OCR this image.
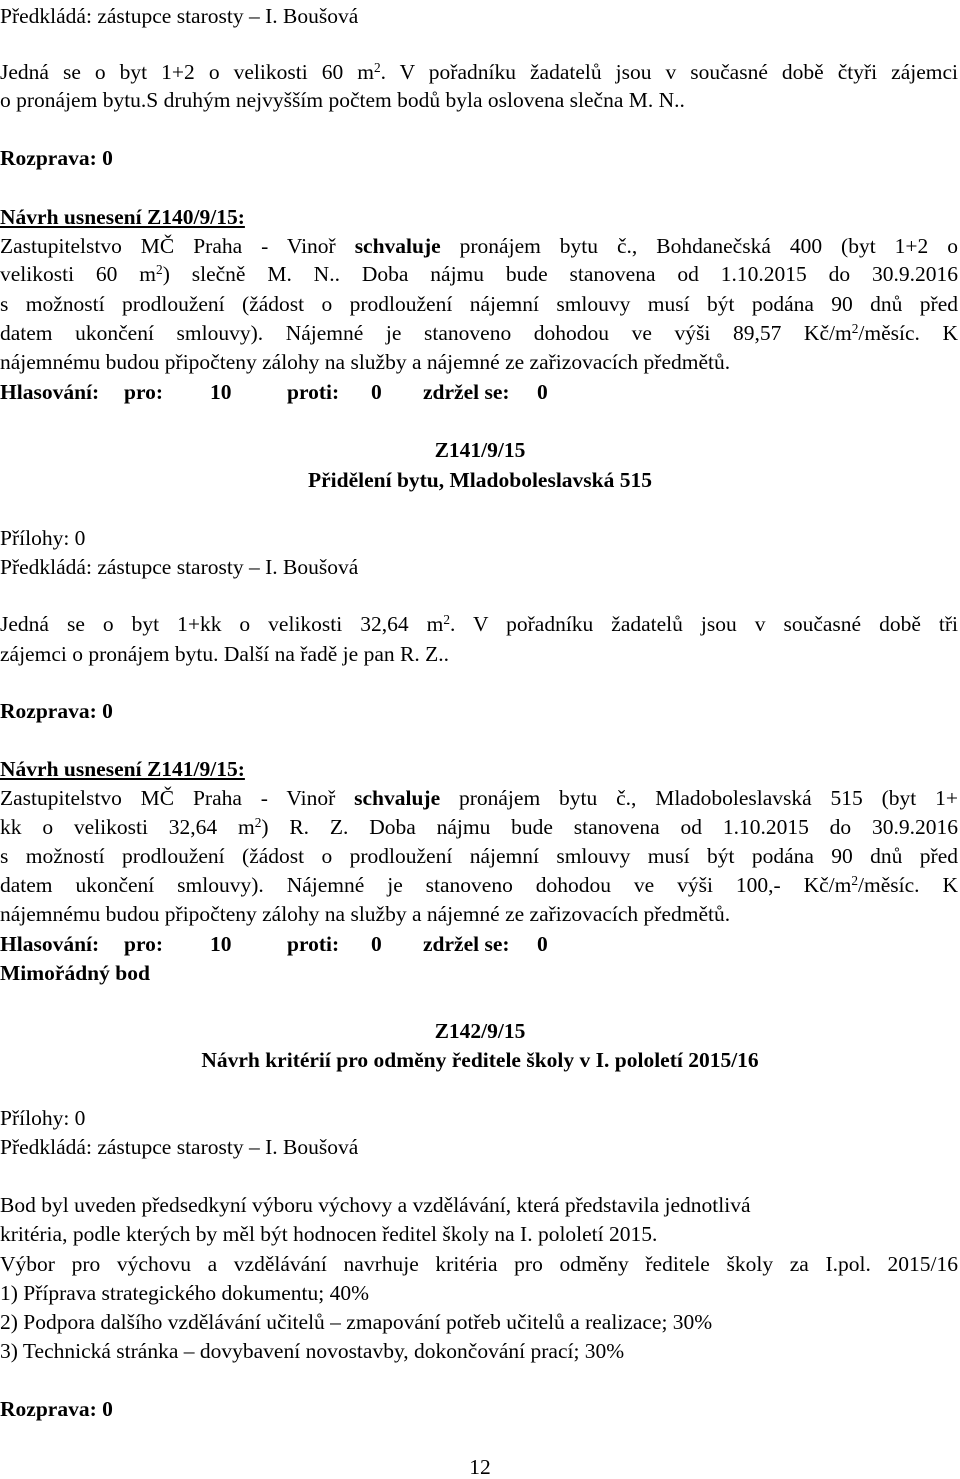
Předkládá: zástupce starosty – I. Boušová
Jedná se o byt 1+2 o velikosti 60 $m^2$. V pořadníku žadatelů jsou v současné době čtyři zájemci
o pronájem bytu.S druhým nejvyšším počtem bodů byla oslovena slečna M. N..
Rozprava: 0
Návrh usnesení Z140/9/15:
Zastupitelstvo MČ Praha - Vinoř schvaluje pronájem bytu č., Bohdanečská 400 (byt 1+2 o
velikosti 60 $m^2$) slečně M. N.. Doba nájmu bude stanovena od 1.10.2015 do 30.9.2016
s možností prodloužení (žádost o prodloužení nájemní smlouvy musí být podána 90 dnů před
datem ukončení smlouvy). Nájemné je stanoveno dohodou ve výši 89,57 $Kč/m^2$/měsíc. K
nájemnému budou připočteny zálohy na služby a nájemné ze zařizovacích předmětů.
Hlasování: pro: 10	proti: 0 zdržel se: 0
Z141/9/15
Přidělení bytu, Mladoboleslavská 515
Přílohy: 0
Předkládá: zástupce starosty – I. Boušová
Jedná se o byt 1+kk o velikosti 32,64 $m^2$. V pořadníku žadatelů jsou v současné době tři
zájemci o pronájem bytu. Další na řadě je pan R. Z..
Rozprava: 0
Návrh usnesení Z141/9/15:
Zastupitelstvo MČ Praha - Vinoř schvaluje pronájem bytu č., Mladoboleslavská 515 (byt 1+
kk o velikosti 32,64 $m^2$) R. Z. Doba nájmu bude stanovena od 1.10.2015 do 30.9.2016
s možností prodloužení (žádost o prodloužení nájemní smlouvy musí být podána 90 dnů před
datem ukončení smlouvy). Nájemné je stanoveno dohodou ve výši 100,- $Kč/m^2$/měsíc. K
nájemnému budou připočteny zálohy na služby a nájemné ze zařizovacích předmětů.
Hlasování: pro: 10	proti: 0 zdržel se: 0
Mimořádný bod
Z142/9/15
Návrh kritérií pro odměny ředitele školy v I. pololetí 2015/16
Přílohy: 0
Předkládá: zástupce starosty – I. Boušová
Bod byl uveden předsedkyní výboru výchovy a vzdělávání, která představila jednotlivá
kritéria, podle kterých by měl být hodnocen ředitel školy na I. pololetí 2015.
Výbor pro výchovu a vzdělávání navrhuje kritéria pro odměny ředitele školy za I.pol. 2015/16
1) Příprava strategického dokumentu; 40%
2) Podpora dalšího vzdělávání učitelů – zmapování potřeb učitelů a realizace; 30%
3) Technická stránka – dovybavení novostavby, dokončování prací; 30%
Rozprava: 0
12
